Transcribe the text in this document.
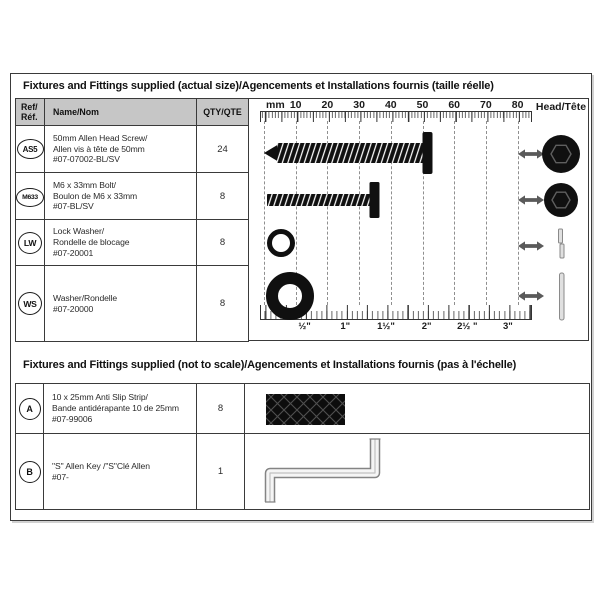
Fixtures and Fittings supplied (actual size)/Agencements et Installations fournis (taille réelle)
Ref/
Réf.	Name/Nom	QTY/QTE
AS5	50mm Allen Head Screw/
Allen vis à tête de 50mm
#07-07002-BL/SV	24
M633	M6 x 33mm Bolt/
Boulon de M6 x 33mm
#07-BL/SV	8
LW	Lock Washer/
Rondelle de blocage
#07-20001	8
WS	Washer/Rondelle
#07-20000	8
mm 10 20 30 40 50 60 70 80 Head/Tête
½"	1"	1½"	2"	2½ "	3"
Fixtures and Fittings supplied (not to scale)/Agencements et Installations fournis (pas à l'échelle)
A	10 x 25mm Anti Slip Strip/
Bande antidérapante 10 de 25mm
#07-99006	8	

B	"S" Allen Key /"S"Clé Allen
#07-	1	
